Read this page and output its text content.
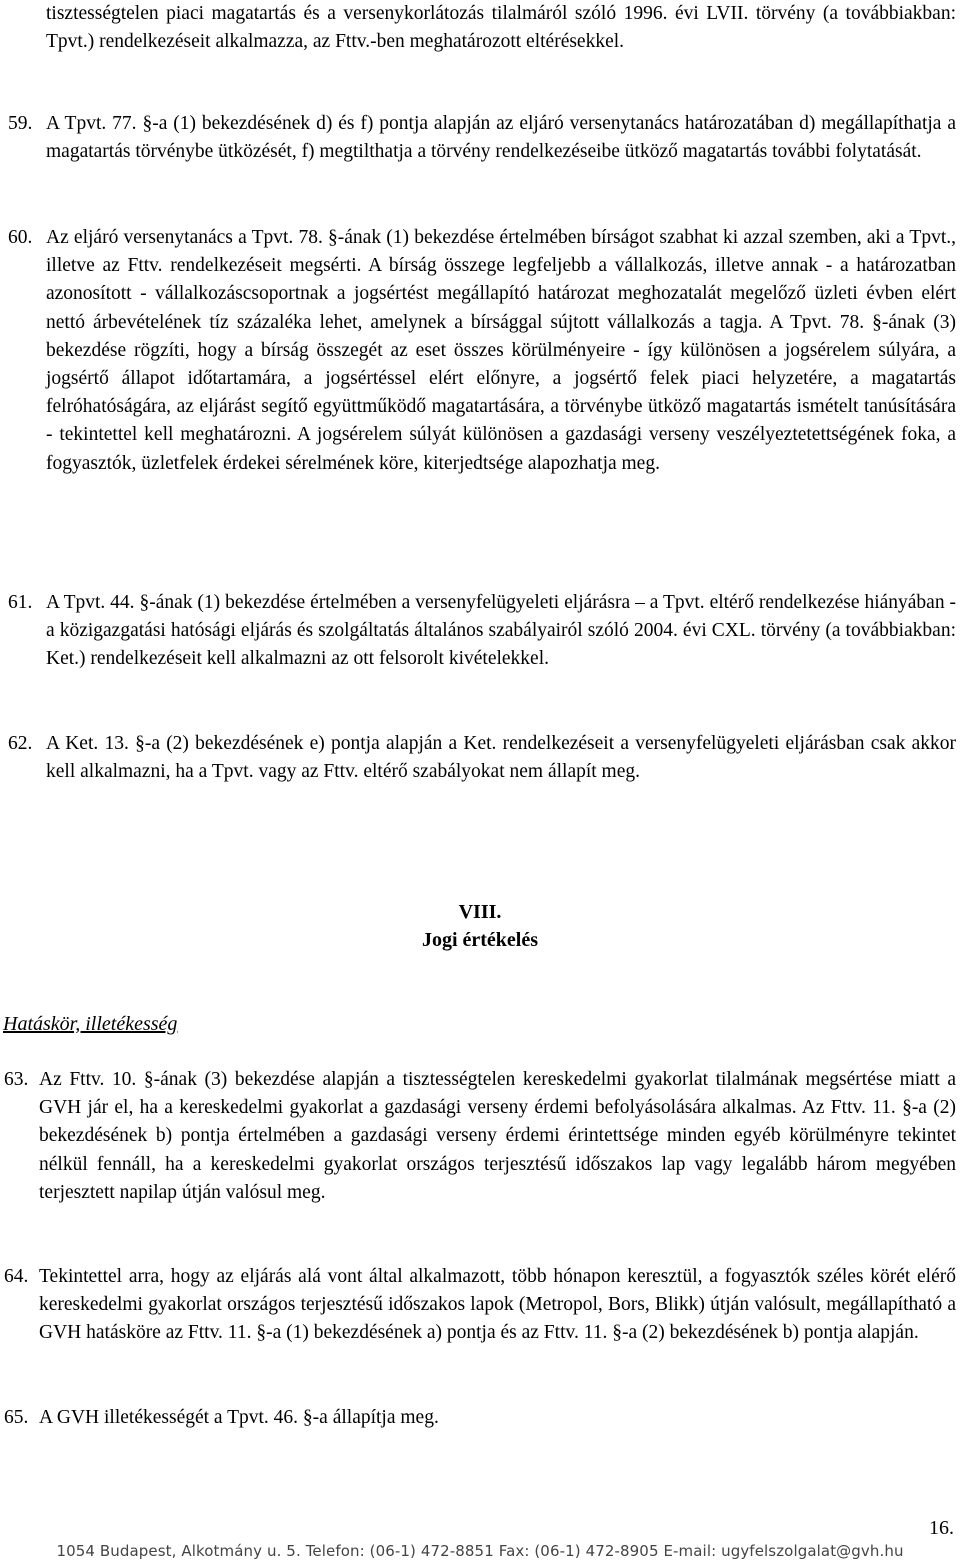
tisztességtelen piaci magatartás és a versenykorlátozás tilalmáról szóló 1996. évi LVII. törvény (a továbbiakban: Tpvt.) rendelkezéseit alkalmazza, az Fttv.-ben meghatározott eltérésekkel.

59. A Tpvt. 77. §-a (1) bekezdésének d) és f) pontja alapján az eljáró versenytanács határozatában d) megállapíthatja a magatartás törvénybe ütközését, f) megtilthatja a törvény rendelkezéseibe ütköző magatartás további folytatását.

60. Az eljáró versenytanács a Tpvt. 78. §-ának (1) bekezdése értelmében bírságot szabhat ki azzal szemben, aki a Tpvt., illetve az Fttv. rendelkezéseit megsérti. A bírság összege legfeljebb a vállalkozás, illetve annak - a határozatban azonosított - vállalkozáscsoportnak a jogsértést megállapító határozat meghozatalát megelőző üzleti évben elért nettó árbevételének tíz százaléka lehet, amelynek a bírsággal sújtott vállalkozás a tagja. A Tpvt. 78. §-ának (3) bekezdése rögzíti, hogy a bírság összegét az eset összes körülményeire - így különösen a jogsérelem súlyára, a jogsértő állapot időtartamára, a jogsértéssel elért előnyre, a jogsértő felek piaci helyzetére, a magatartás felróhatóságára, az eljárást segítő együttműködő magatartására, a törvénybe ütköző magatartás ismételt tanúsítására - tekintettel kell meghatározni. A jogsérelem súlyát különösen a gazdasági verseny veszélyeztetettségének foka, a fogyasztók, üzletfelek érdekei sérelmének köre, kiterjedtsége alapozhatja meg.

61. A Tpvt. 44. §-ának (1) bekezdése értelmében a versenyfelügyeleti eljárásra – a Tpvt. eltérő rendelkezése hiányában - a közigazgatási hatósági eljárás és szolgáltatás általános szabályairól szóló 2004. évi CXL. törvény (a továbbiakban: Ket.) rendelkezéseit kell alkalmazni az ott felsorolt kivételekkel.

62. A Ket. 13. §-a (2) bekezdésének e) pontja alapján a Ket. rendelkezéseit a versenyfelügyeleti eljárásban csak akkor kell alkalmazni, ha a Tpvt. vagy az Fttv. eltérő szabályokat nem állapít meg.

VIII.

Jogi értékelés

Hatáskör, illetékesség

63. Az Fttv. 10. §-ának (3) bekezdése alapján a tisztességtelen kereskedelmi gyakorlat tilalmának megsértése miatt a GVH jár el, ha a kereskedelmi gyakorlat a gazdasági verseny érdemi befolyásolására alkalmas. Az Fttv. 11. §-a (2) bekezdésének b) pontja értelmében a gazdasági verseny érdemi érintettsége minden egyéb körülményre tekintet nélkül fennáll, ha a kereskedelmi gyakorlat országos terjesztésű időszakos lap vagy legalább három megyében terjesztett napilap útján valósul meg.

64. Tekintettel arra, hogy az eljárás alá vont által alkalmazott, több hónapon keresztül, a fogyasztók széles körét elérő kereskedelmi gyakorlat országos terjesztésű időszakos lapok (Metropol, Bors, Blikk) útján valósult, megállapítható a GVH hatásköre az Fttv. 11. §-a (1) bekezdésének a) pontja és az Fttv. 11. §-a (2) bekezdésének b) pontja alapján.

65. A GVH illetékességét a Tpvt. 46. §-a állapítja meg.

16.
1054 Budapest, Alkotmány u. 5. Telefon: (06-1) 472-8851 Fax: (06-1) 472-8905 E-mail: ugyfelszolgalat@gvh.hu
